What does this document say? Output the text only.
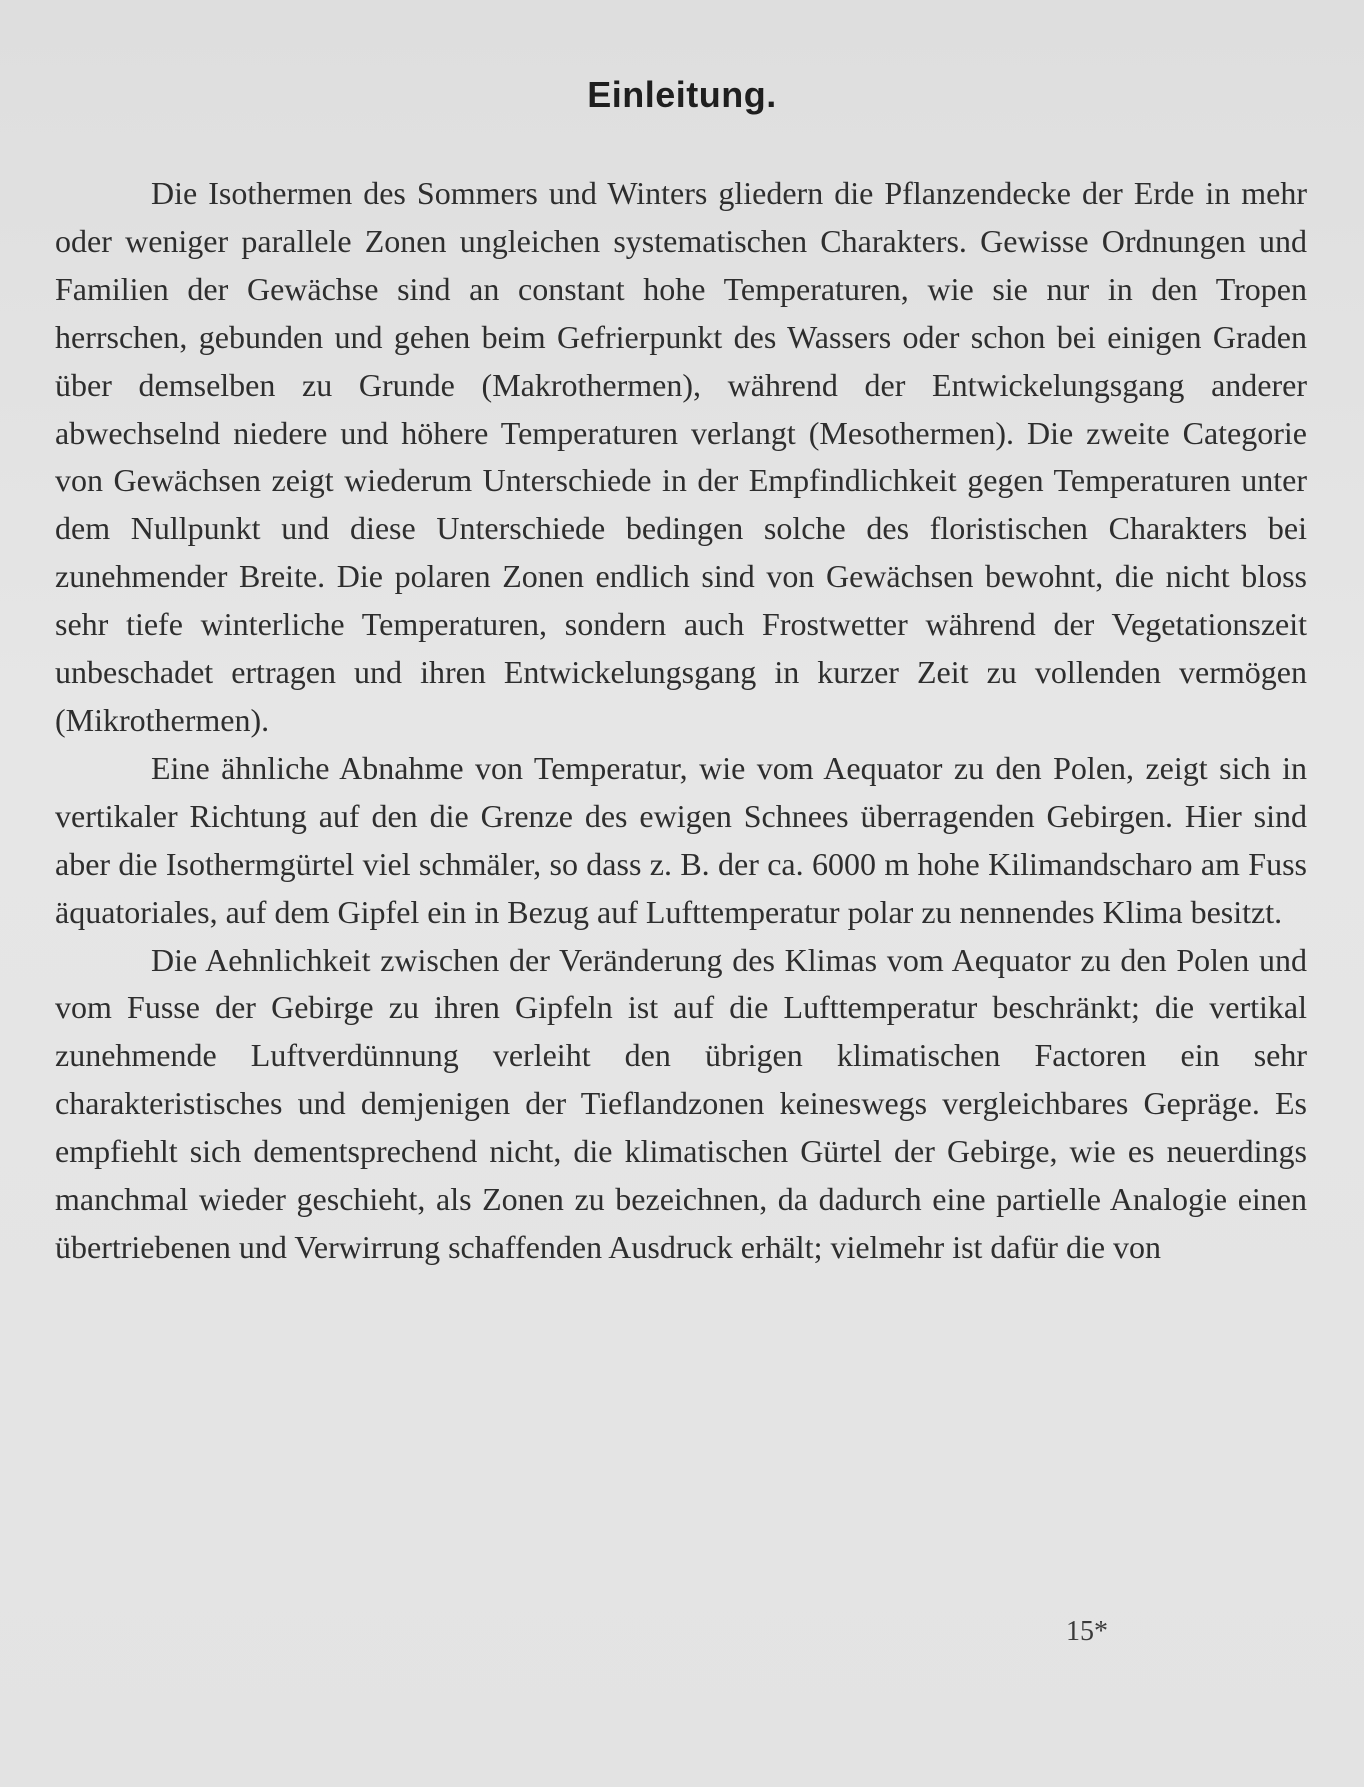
Einleitung.

Die Isothermen des Sommers und Winters gliedern die Pflanzendecke der Erde in mehr oder weniger parallele Zonen ungleichen systematischen Charakters. Gewisse Ordnungen und Familien der Gewächse sind an constant hohe Temperaturen, wie sie nur in den Tropen herrschen, gebunden und gehen beim Gefrierpunkt des Wassers oder schon bei einigen Graden über demselben zu Grunde (Makrothermen), während der Entwickelungsgang anderer abwechselnd niedere und höhere Temperaturen verlangt (Mesothermen). Die zweite Categorie von Gewächsen zeigt wiederum Unterschiede in der Empfindlichkeit gegen Temperaturen unter dem Nullpunkt und diese Unterschiede bedingen solche des floristischen Charakters bei zunehmender Breite. Die polaren Zonen endlich sind von Gewächsen bewohnt, die nicht bloss sehr tiefe winterliche Temperaturen, sondern auch Frostwetter während der Vegetationszeit unbeschadet ertragen und ihren Entwickelungsgang in kurzer Zeit zu vollenden vermögen (Mikrothermen).

Eine ähnliche Abnahme von Temperatur, wie vom Aequator zu den Polen, zeigt sich in vertikaler Richtung auf den die Grenze des ewigen Schnees überragenden Gebirgen. Hier sind aber die Isothermgürtel viel schmäler, so dass z. B. der ca. 6000 m hohe Kilimandscharo am Fuss äquatoriales, auf dem Gipfel ein in Bezug auf Lufttemperatur polar zu nennendes Klima besitzt.

Die Aehnlichkeit zwischen der Veränderung des Klimas vom Aequator zu den Polen und vom Fusse der Gebirge zu ihren Gipfeln ist auf die Lufttemperatur beschränkt; die vertikal zunehmende Luftverdünnung verleiht den übrigen klimatischen Factoren ein sehr charakteristisches und demjenigen der Tieflandzonen keineswegs vergleichbares Gepräge. Es empfiehlt sich dementsprechend nicht, die klimatischen Gürtel der Gebirge, wie es neuerdings manchmal wieder geschieht, als Zonen zu bezeichnen, da dadurch eine partielle Analogie einen übertriebenen und Verwirrung schaffenden Ausdruck erhält; vielmehr ist dafür die von

15*
